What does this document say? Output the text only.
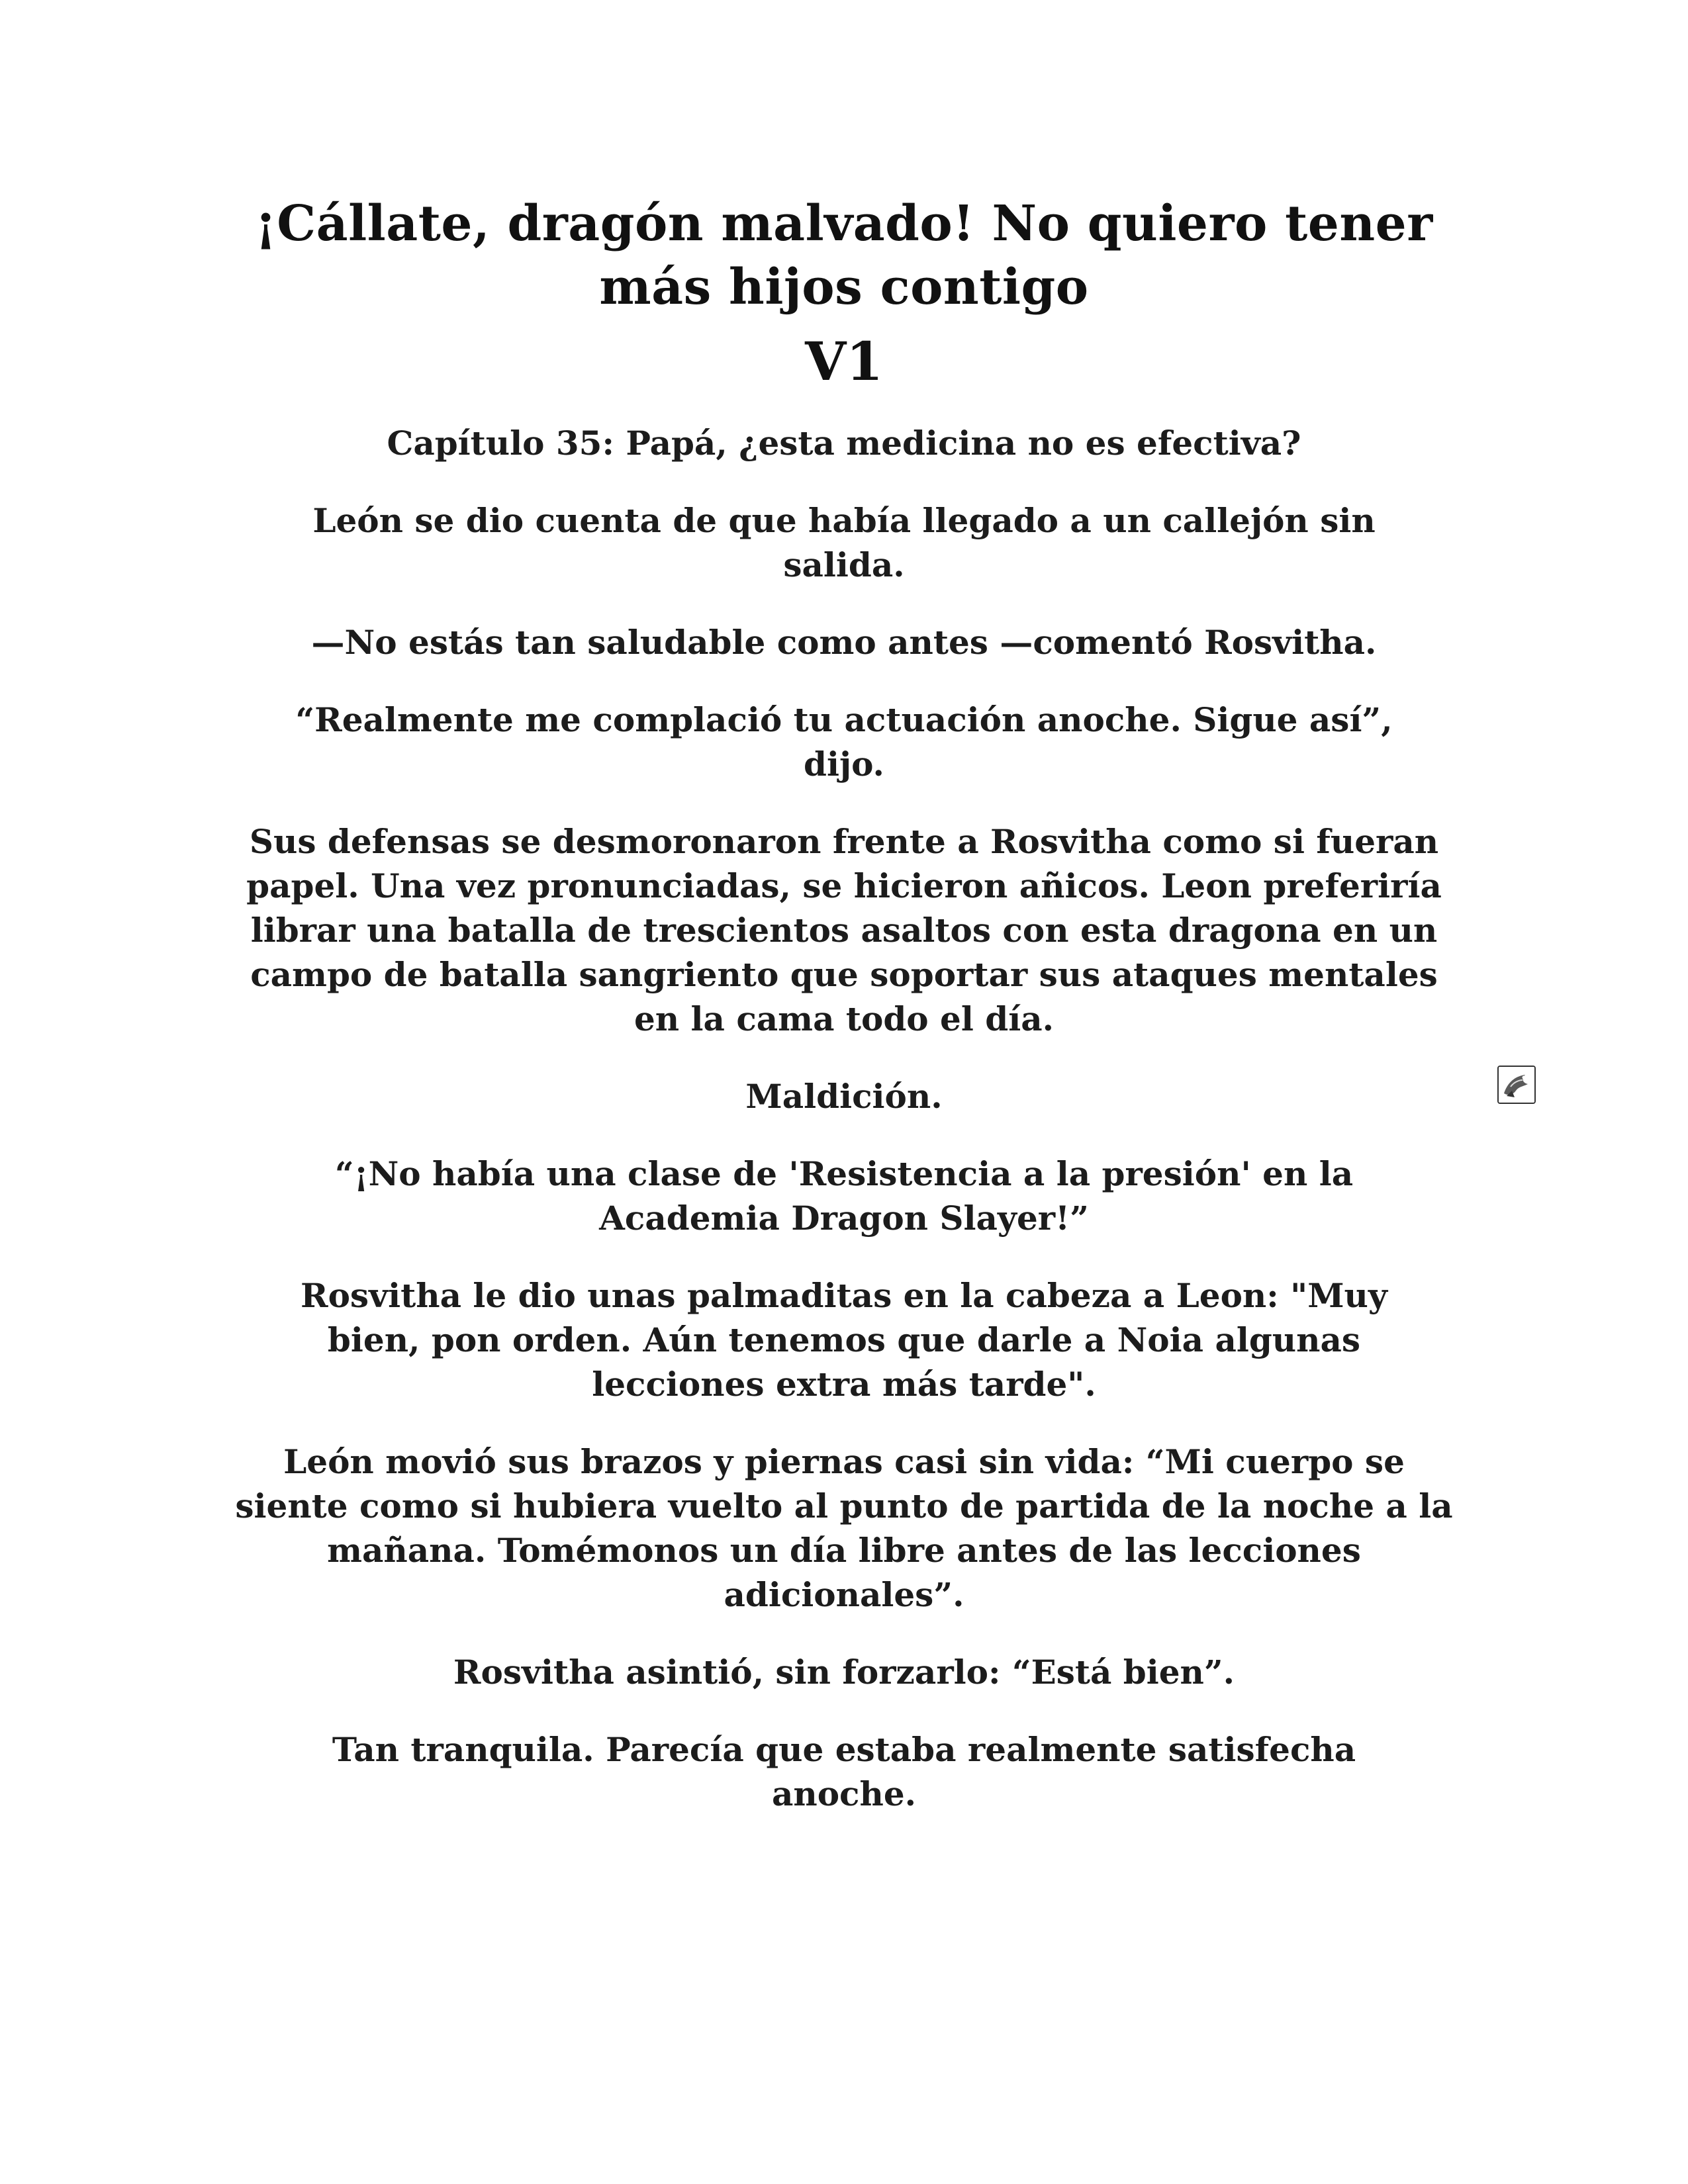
¡Cállate, dragón malvado! No quiero tener más hijos contigo
V1

Capítulo 35: Papá, ¿esta medicina no es efectiva?

León se dio cuenta de que había llegado a un callejón sin salida.

—No estás tan saludable como antes —comentó Rosvitha.

“Realmente me complació tu actuación anoche. Sigue así”, dijo.

Sus defensas se desmoronaron frente a Rosvitha como si fueran papel. Una vez pronunciadas, se hicieron añicos. Leon preferiría librar una batalla de trescientos asaltos con esta dragona en un campo de batalla sangriento que soportar sus ataques mentales en la cama todo el día.

Maldición.

“¡No había una clase de 'Resistencia a la presión' en la Academia Dragon Slayer!”

Rosvitha le dio unas palmaditas en la cabeza a Leon: "Muy bien, pon orden. Aún tenemos que darle a Noia algunas lecciones extra más tarde".

León movió sus brazos y piernas casi sin vida: “Mi cuerpo se siente como si hubiera vuelto al punto de partida de la noche a la mañana. Tomémonos un día libre antes de las lecciones adicionales”.

Rosvitha asintió, sin forzarlo: “Está bien”.

Tan tranquila. Parecía que estaba realmente satisfecha anoche.
